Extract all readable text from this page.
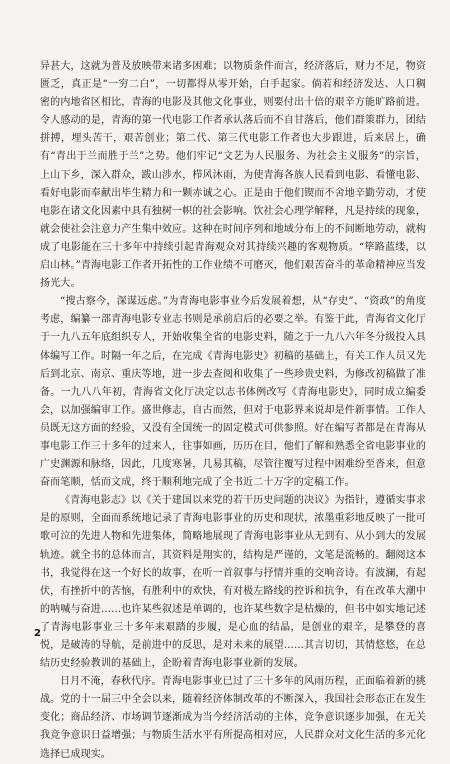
异甚大，这就为普及放映带来诸多困难；以物质条件而言，经济落后，财力不足，物资匮乏，真正是“一穷二白”，一切都得从零开始，白手起家。倘若和经济发达、人口稠密的内地省区相比，青海的电影及其他文化事业，则要付出十倍的艰辛方能旷路前进。令人感动的是，青海的第一代电影工作者承认落后而不自甘落后，他们群策群力，团结拼搏，埋头苦干，艰苦创业；第二代、第三代电影工作者也大步跟进，后来居上，确有“青出于兰而胜于兰”之势。他们牢记“文艺为人民服务、为社会主义服务”的宗旨，上山下乡，深入群众，跋山涉水，栉风沐雨，为使青海各族人民看到电影、看懂电影、看好电影而奉献出毕生精力和一颗赤诚之心。正是由于他们锲而不舍地辛勤劳动，才使电影在诸文化因素中具有独树一帜的社会影响。饮社会心理学解释，凡是持续的现象，就会使社会注意力产生集中效应。这种在时间序列和地域分布上的不间断地劳动，就构成了电影能在三十多年中持续引起青海观众对其持续兴趣的客观物质。“筚路蓝缕，以启山林。”青海电影工作者开拓性的工作业绩不可磨灭，他们艰苦奋斗的革命精神应当发扬光大。

“搜古察今，深谋远虑。”为青海电影事业今后发展着想，从“存史”、“资政”的角度考虑，编纂一部青海电影专业志书则是承前启后的必要之举。有鉴于此，青海省文化厅于一九八五年底组织专人，开始收集全省的电影史料，随之于一九八六年冬分级投入具体编写工作。时隔一年之后，在完成《青海电影史》初稿的基础上，有关工作人员又先后到北京、南京、重庆等地，进一步去查阅和收集了一些珍贵史料，为修改初稿做了准备。一九八八年初，青海省文化厅决定以志书体例改写《青海电影史》，同时成立编委会，以加强编审工作。盛世修志，自古而然，但对于电影界来说却是件新事情。工作人员既无这方面的经验，又没有全国统一的固定模式可供参照。好在编写者都是在青海从事电影工作三十多年的过来人，往事如画，历历在目，他们了解和熟悉全省电影事业的广史渊源和脉络，因此，几度寒暑，几易其稿，尽管往覆写过程中困难纷至沓来，但意奋而笔顺，恬而文成，终于顺利地完成了全书近二十万字的定稿工作。

《青海电影志》以《关于建国以来党的若干历史问题的决议》为指针，遵循实事求是的原则，全面而系统地记录了青海电影事业的历史和现状，浓墨重彩地反映了一批可歌可泣的先进人物和先进集体，简略地展现了青海电影事业从无到有、从小到大的发展轨迹。就全书的总体而言，其资料是翔实的，结构是严谨的，文笔是流畅的。翻阅这本书，我觉得在这一个好长的故事，在听一首叙事与抒情并重的交响音诗。有波澜，有起伏，有挫折中的苦恼，有胜利中的欢快，有对极左路线的控诉和抗争，有在改革大潮中的呐喊与奋进……也许某些叙述是单调的，也许某些数字是枯燥的，但书中如实地记述了青海电影事业三十多年来艰踏的步履，是心血的结晶，是创业的艰辛，是攀登的喜悦，是破涛的导航，是前进中的反思，是对未来的展望……其言切切，其情悠悠，在总结历史经验教训的基础上，企盼着青海电影事业新的发展。

日月不淹，春秋代序。青海电影事业已过了三十多年的风雨历程，正面临着新的挑战。党的十一届三中全会以来，随着经济体制改革的不断深入，我国社会形态正在发生变化；商品经济、市场调节逐渐成为当今经济活动的主体，竞争意识逐步加强，在无关我竞争意识日益增强；与物质生活水平有所提高相对应，人民群众对文化生活的多元化选择已成现实。

2
